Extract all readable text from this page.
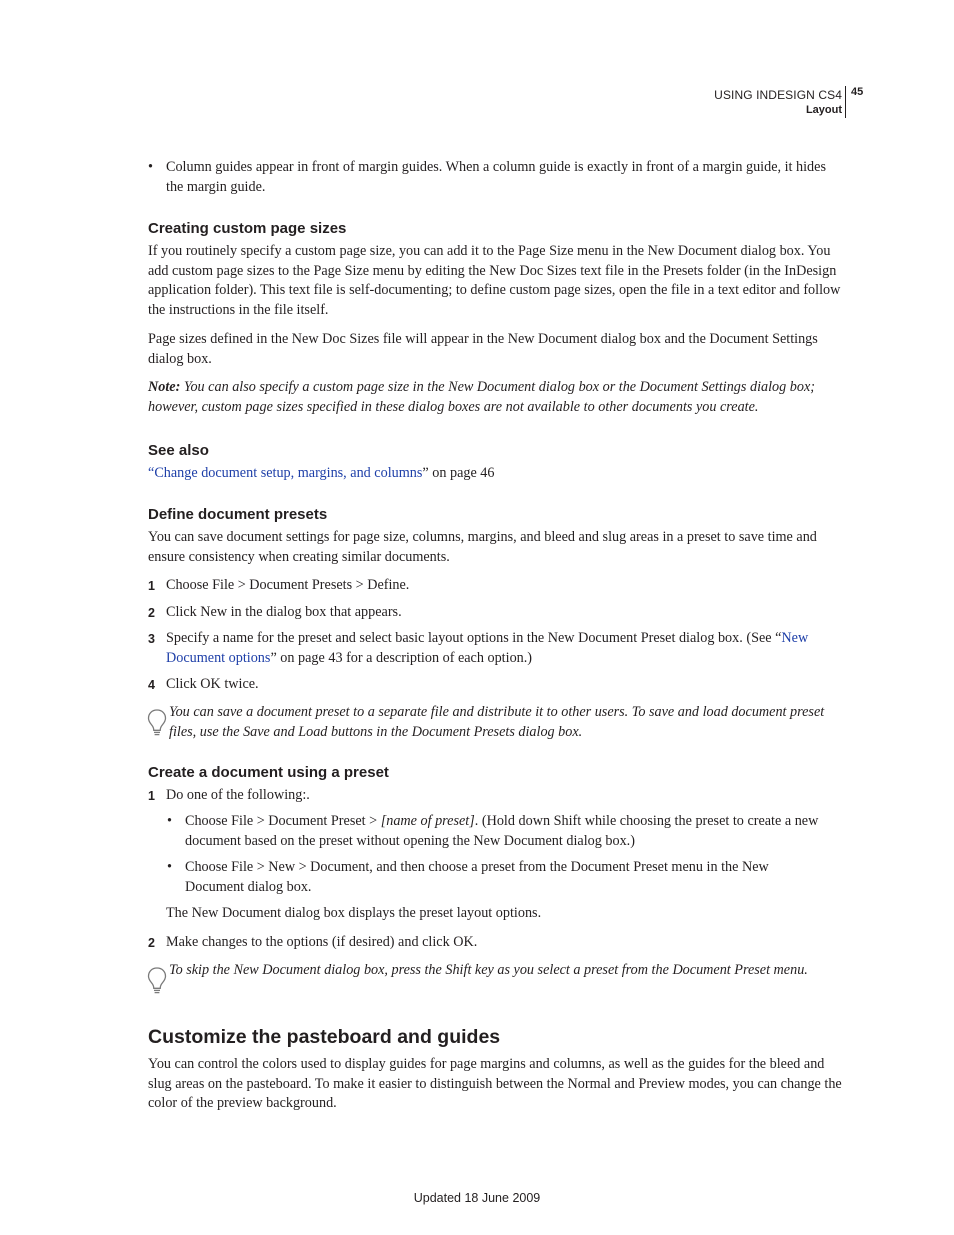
USING INDESIGN CS4
Layout
45
• Column guides appear in front of margin guides. When a column guide is exactly in front of a margin guide, it hides the margin guide.
Creating custom page sizes
If you routinely specify a custom page size, you can add it to the Page Size menu in the New Document dialog box. You add custom page sizes to the Page Size menu by editing the New Doc Sizes text file in the Presets folder (in the InDesign application folder). This text file is self-documenting; to define custom page sizes, open the file in a text editor and follow the instructions in the file itself.
Page sizes defined in the New Doc Sizes file will appear in the New Document dialog box and the Document Settings dialog box.
Note: You can also specify a custom page size in the New Document dialog box or the Document Settings dialog box; however, custom page sizes specified in these dialog boxes are not available to other documents you create.
See also
“Change document setup, margins, and columns” on page 46
Define document presets
You can save document settings for page size, columns, margins, and bleed and slug areas in a preset to save time and ensure consistency when creating similar documents.
1 Choose File > Document Presets > Define.
2 Click New in the dialog box that appears.
3 Specify a name for the preset and select basic layout options in the New Document Preset dialog box. (See “New
Document options” on page 43 for a description of each option.)
4 Click OK twice.
You can save a document preset to a separate file and distribute it to other users. To save and load document preset files, use the Save and Load buttons in the Document Presets dialog box.
Create a document using a preset
1 Do one of the following:.
• Choose File > Document Preset > [name of preset]. (Hold down Shift while choosing the preset to create a new document based on the preset without opening the New Document dialog box.)
• Choose File > New > Document, and then choose a preset from the Document Preset menu in the New Document dialog box.
The New Document dialog box displays the preset layout options.
2 Make changes to the options (if desired) and click OK.
To skip the New Document dialog box, press the Shift key as you select a preset from the Document Preset menu.
Customize the pasteboard and guides
You can control the colors used to display guides for page margins and columns, as well as the guides for the bleed and slug areas on the pasteboard. To make it easier to distinguish between the Normal and Preview modes, you can change the color of the preview background.
Updated 18 June 2009
